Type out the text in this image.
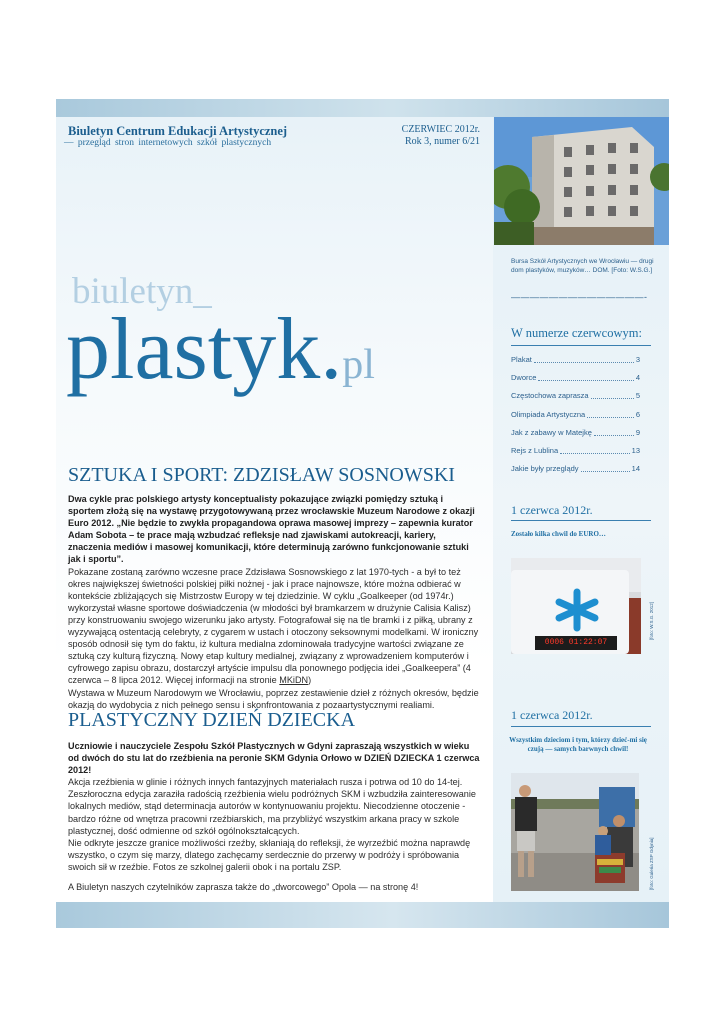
Biuletyn Centrum Edukacji Artystycznej
— przegląd stron internetowych szkół plastycznych
CZERWIEC 2012r.
Rok 3, numer 6/21
biuletyn_
plastyk.pl
SZTUKA I SPORT: ZDZISŁAW SOSNOWSKI

Dwa cykle prac polskiego artysty konceptualisty pokazujące związki pomiędzy sztuką i sportem złożą się na wystawę przygotowywaną przez wrocławskie Muzeum Narodowe z okazji Euro 2012. „Nie będzie to zwykła propagandowa oprawa masowej imprezy – zapewnia kurator Adam Sobota – te prace mają wzbudzać refleksje nad zjawiskami autokreacji, kariery, znaczenia mediów i masowej komunikacji, które determinują zarówno funkcjonowanie sztuki jak i sportu”.

Pokazane zostaną zarówno wczesne prace Zdzisława Sosnowskiego z lat 1970-tych - a był to też okres największej świetności polskiej piłki nożnej - jak i prace najnowsze, które można odbierać w kontekście zbliżających się Mistrzostw Europy w tej dziedzinie. W cyklu „Goalkeeper (od 1974r.) wykorzystał własne sportowe doświadczenia (w młodości był bramkarzem w drużynie Calisia Kalisz) przy konstruowaniu swojego wizerunku jako artysty. Fotografował się na tle bramki i z piłką, ubrany z wyzywającą ostentacją celebryty, z cygarem w ustach i otoczony seksownymi modelkami. W ironiczny sposób odnosił się tym do faktu, iż kultura medialna zdominowała tradycyjne wartości związane ze sztuką czy kulturą fizyczną. Nowy etap kultury medialnej, związany z wprowadzeniem komputerów i cyfrowego zapisu obrazu, dostarczył artyście impulsu dla ponownego podjęcia idei „Goalkeepera” (4 czerwca – 8 lipca 2012. Więcej informacji na stronie MKiDN)

Wystawa w Muzeum Narodowym we Wrocławiu, poprzez zestawienie dzieł z różnych okresów, będzie okazją do wydobycia z nich pełnego sensu i skonfrontowania z pozaartystycznymi realiami.

PLASTYCZNY DZIEŃ DZIECKA

Uczniowie i nauczyciele Zespołu Szkół Plastycznych w Gdyni zapraszają wszystkich w wieku od dwóch do stu lat do rzeźbienia na peronie SKM Gdynia Orłowo w DZIEŃ DZIECKA 1 czerwca 2012!

Akcja rzeźbienia w glinie i różnych innych fantazyjnych materiałach rusza i potrwa od 10 do 14-tej. Zeszłoroczna edycja zaraziła radością rzeźbienia wielu podróżnych SKM i wzbudziła zainteresowanie lokalnych mediów, stąd determinacja autorów w kontynuowaniu projektu. Niecodzienne otoczenie - bardzo różne od wnętrza pracowni rzeźbiarskich, ma przybliżyć wszystkim arkana pracy w szkole plastycznej, dość odmienne od szkół ogólnokształcących.

Nie odkryte jeszcze granice możliwości rzeźby, skłaniają do refleksji, że wyrzeźbić można naprawdę wszystko, o czym się marzy, dlatego zachęcamy serdecznie do przerwy w podróży i spróbowania swoich sił w rzeźbie. Fotos ze szkolnej galerii obok i na portalu ZSP.

A Biuletyn naszych czytelników zaprasza także do „dworcowego” Opola — na stronę 4!

Bursa Szkół Artystycznych we Wrocławiu — drugi dom plastyków, muzyków… DOM. [Foto: W.S.G.]
——————————————-
W numerze czerwcowym:
Plakat	3
Dworce	4
Częstochowa zaprasza	5
Olimpiada Artystyczna	6
Jak z zabawy w Matejkę	9
Rejs z Lublina	13
Jakie były przeglądy	14
1 czerwca 2012r.
Zostało kilka chwil do EURO…
0006 01:22:07
[foto: W.S.G. 2012]
1 czerwca 2012r.
Wszystkim dzieciom i tym, którzy dzieć-mi się czują — samych barwnych chwil!
[foto: Galeria ZSP Gdynia]
